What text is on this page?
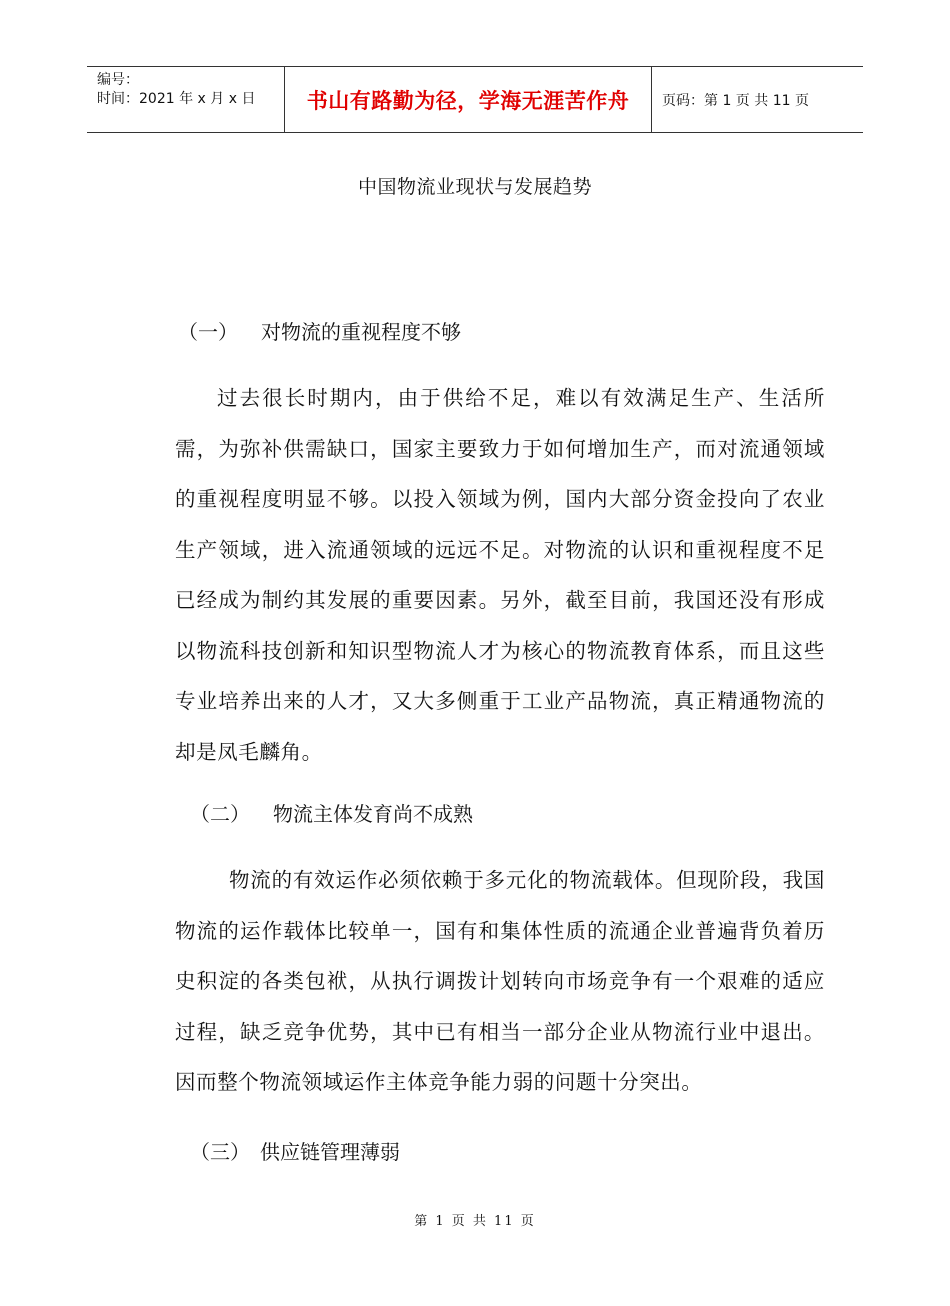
编号：
时间：2021 年 x 月 x 日	书山有路勤为径，学海无涯苦作舟 页码：第 1 页 共 11 页
中国物流业现状与发展趋势
（一） 对物流的重视程度不够
过去很长时期内，由于供给不足，难以有效满足生产、生活所需，为弥补供需缺口，国家主要致力于如何增加生产，而对流通领域的重视程度明显不够。以投入领域为例，国内大部分资金投向了农业生产领域，进入流通领域的远远不足。对物流的认识和重视程度不足已经成为制约其发展的重要因素。另外，截至目前，我国还没有形成以物流科技创新和知识型物流人才为核心的物流教育体系，而且这些专业培养出来的人才，又大多侧重于工业产品物流，真正精通物流的却是凤毛麟角。
（二） 物流主体发育尚不成熟
物流的有效运作必须依赖于多元化的物流载体。但现阶段，我国物流的运作载体比较单一，国有和集体性质的流通企业普遍背负着历史积淀的各类包袱，从执行调拨计划转向市场竞争有一个艰难的适应过程，缺乏竞争优势，其中已有相当一部分企业从物流行业中退出。因而整个物流领域运作主体竞争能力弱的问题十分突出。
（三） 供应链管理薄弱
第 1 页 共 11 页
